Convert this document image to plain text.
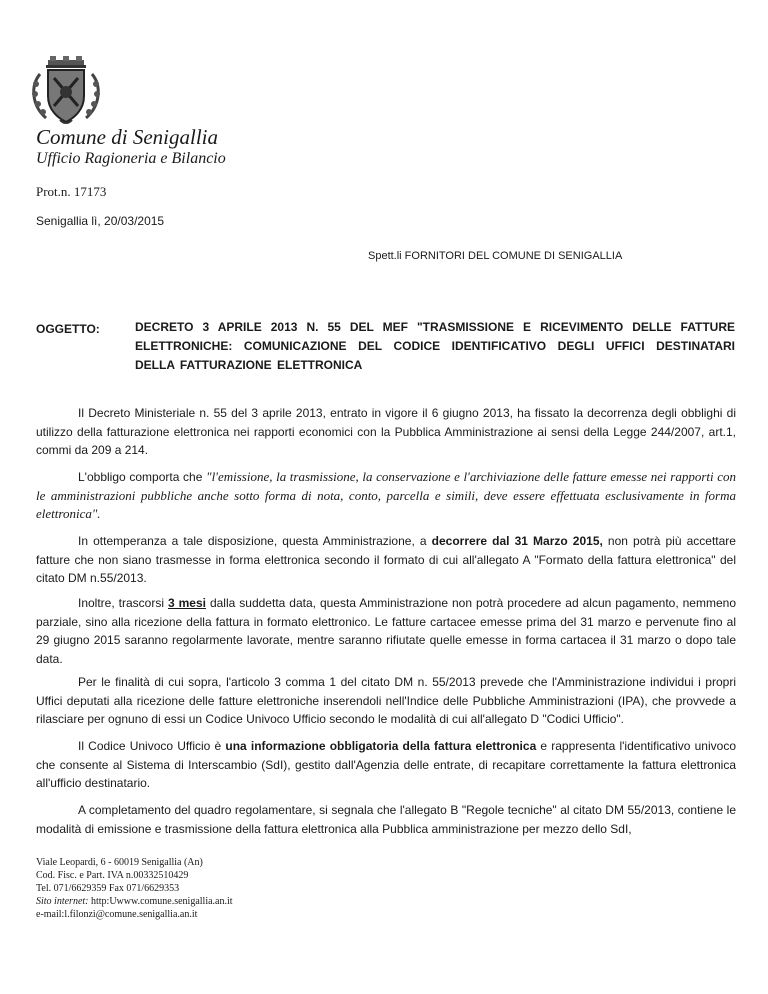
Comune di Senigallia
Ufficio Ragioneria e Bilancio
Prot.n. 17173
Senigallia lì, 20/03/2015
Spett.li FORNITORI DEL COMUNE DI SENIGALLIA
OGGETTO:	DECRETO 3 APRILE 2013 N. 55 DEL MEF "TRASMISSIONE E RICEVIMENTO DELLE FATTURE ELETTRONICHE: COMUNICAZIONE DEL CODICE IDENTIFICATIVO DEGLI UFFICI DESTINATARI DELLA FATTURAZIONE ELETTRONICA
Il Decreto Ministeriale n. 55 del 3 aprile 2013, entrato in vigore il 6 giugno 2013, ha fissato la decorrenza degli obblighi di utilizzo della fatturazione elettronica nei rapporti economici con la Pubblica Amministrazione ai sensi della Legge 244/2007, art.1, commi da 209 a 214.
L'obbligo comporta che "l'emissione, la trasmissione, la conservazione e l'archiviazione delle fatture emesse nei rapporti con le amministrazioni pubbliche anche sotto forma di nota, conto, parcella e simili, deve essere effettuata esclusivamente in forma elettronica".
In ottemperanza a tale disposizione, questa Amministrazione, a decorrere dal 31 Marzo 2015, non potrà più accettare fatture che non siano trasmesse in forma elettronica secondo il formato di cui all'allegato A "Formato della fattura elettronica" del citato DM n.55/2013.
Inoltre, trascorsi 3 mesi dalla suddetta data, questa Amministrazione non potrà procedere ad alcun pagamento, nemmeno parziale, sino alla ricezione della fattura in formato elettronico. Le fatture cartacee emesse prima del 31 marzo e pervenute fino al 29 giugno 2015 saranno regolarmente lavorate, mentre saranno rifiutate quelle emesse in forma cartacea il 31 marzo o dopo tale data.
Per le finalità di cui sopra, l'articolo 3 comma 1 del citato DM n. 55/2013 prevede che l'Amministrazione individui i propri Uffici deputati alla ricezione delle fatture elettroniche inserendoli nell'Indice delle Pubbliche Amministrazioni (IPA), che provvede a rilasciare per ognuno di essi un Codice Univoco Ufficio secondo le modalità di cui all'allegato D "Codici Ufficio".
Il Codice Univoco Ufficio è una informazione obbligatoria della fattura elettronica e rappresenta l'identificativo univoco che consente al Sistema di Interscambio (SdI), gestito dall'Agenzia delle entrate, di recapitare correttamente la fattura elettronica all'ufficio destinatario.
A completamento del quadro regolamentare, si segnala che l'allegato B "Regole tecniche" al citato DM 55/2013, contiene le modalità di emissione e trasmissione della fattura elettronica alla Pubblica amministrazione per mezzo dello SdI,
Viale Leopardi, 6 - 60019 Senigallia (An)
Cod. Fisc. e Part. IVA n.00332510429
Tel. 071/6629359 Fax 071/6629353
Sito internet: http:Uwww.comune.senigallia.an.it
e-mail:l.filonzi@comune.senigallia.an.it
